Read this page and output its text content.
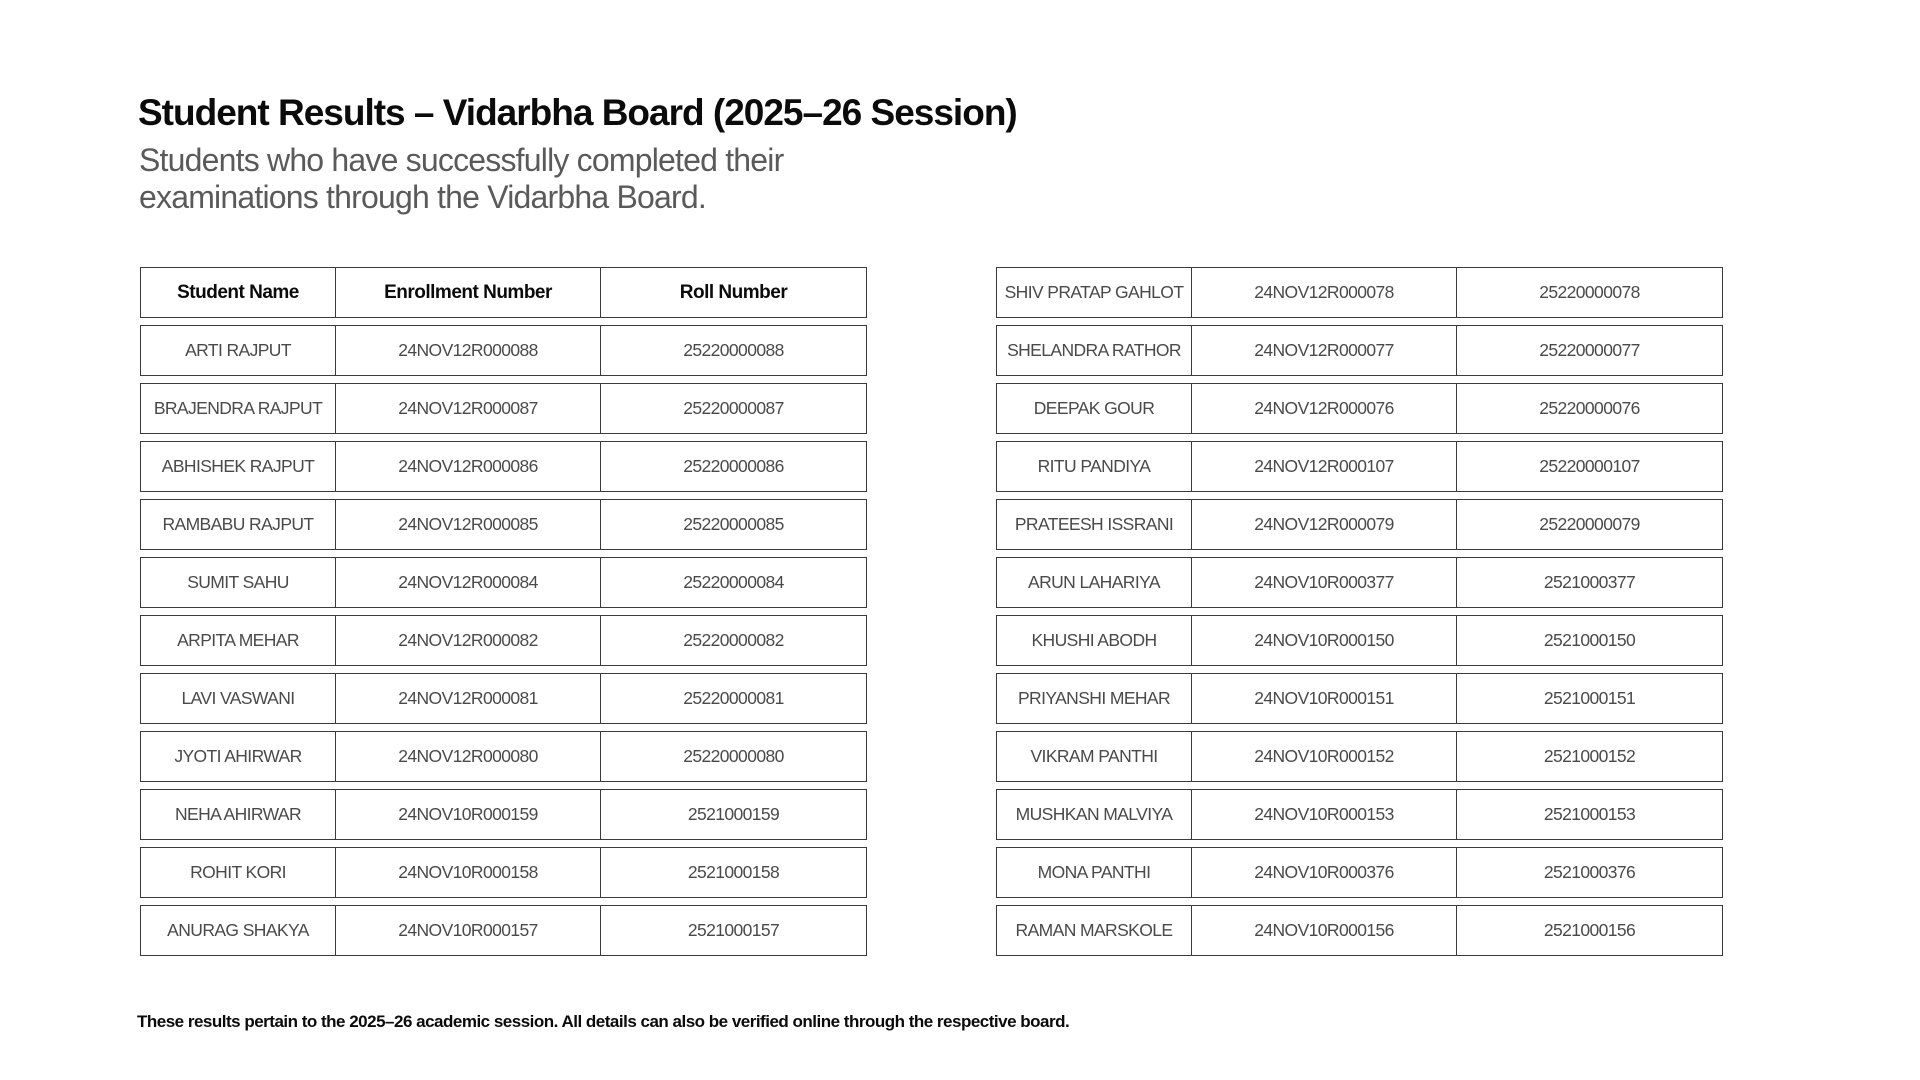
Student Results – Vidarbha Board (2025–26 Session)

Students who have successfully completed their examinations through the Vidarbha Board.

Student Name	Enrollment Number	Roll Number
ARTI RAJPUT	24NOV12R000088	25220000088
BRAJENDRA RAJPUT	24NOV12R000087	25220000087
ABHISHEK RAJPUT	24NOV12R000086	25220000086
RAMBABU RAJPUT	24NOV12R000085	25220000085
SUMIT SAHU	24NOV12R000084	25220000084
ARPITA MEHAR	24NOV12R000082	25220000082
LAVI VASWANI	24NOV12R000081	25220000081
JYOTI AHIRWAR	24NOV12R000080	25220000080
NEHA AHIRWAR	24NOV10R000159	2521000159
ROHIT KORI	24NOV10R000158	2521000158
ANURAG SHAKYA	24NOV10R000157	2521000157
SHIV PRATAP GAHLOT	24NOV12R000078	25220000078
SHELANDRA RATHOR	24NOV12R000077	25220000077
DEEPAK GOUR	24NOV12R000076	25220000076
RITU PANDIYA	24NOV12R000107	25220000107
PRATEESH ISSRANI	24NOV12R000079	25220000079
ARUN LAHARIYA	24NOV10R000377	2521000377
KHUSHI ABODH	24NOV10R000150	2521000150
PRIYANSHI MEHAR	24NOV10R000151	2521000151
VIKRAM PANTHI	24NOV10R000152	2521000152
MUSHKAN MALVIYA	24NOV10R000153	2521000153
MONA PANTHI	24NOV10R000376	2521000376
RAMAN MARSKOLE	24NOV10R000156	2521000156

These results pertain to the 2025–26 academic session. All details can also be verified online through the respective board.
